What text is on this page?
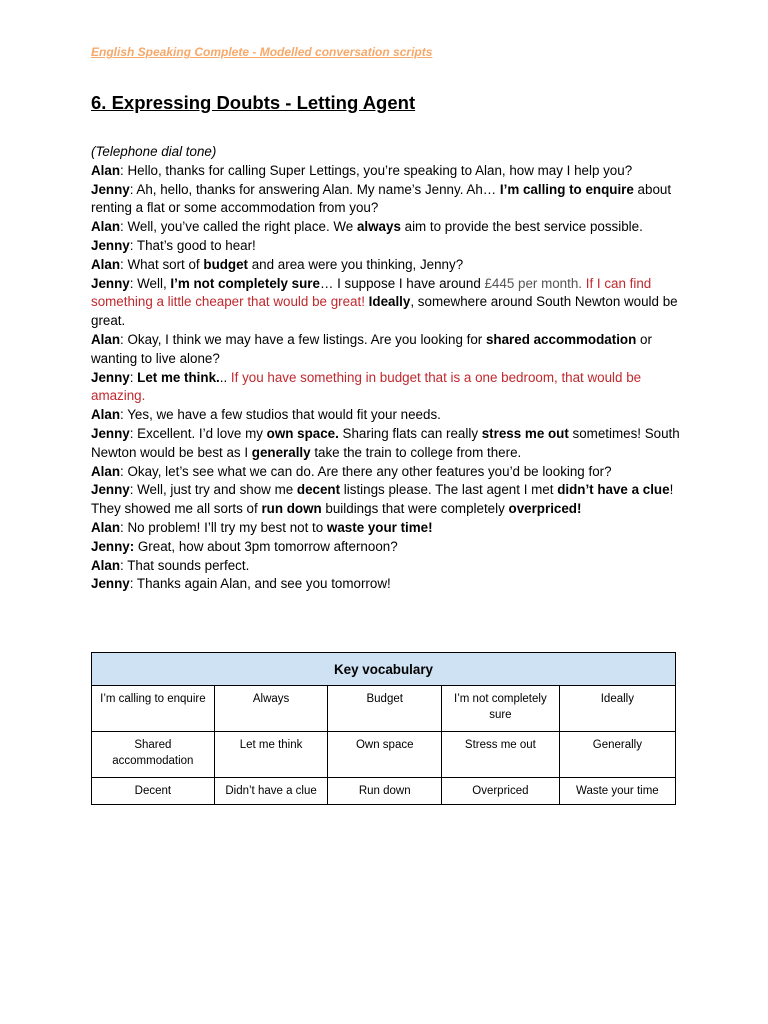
English Speaking Complete - Modelled conversation scripts
6. Expressing Doubts - Letting Agent

(Telephone dial tone)

Alan: Hello, thanks for calling Super Lettings, you’re speaking to Alan, how may I help you?

Jenny: Ah, hello, thanks for answering Alan. My name’s Jenny. Ah… I’m calling to enquire about renting a flat or some accommodation from you?

Alan: Well, you’ve called the right place. We always aim to provide the best service possible.

Jenny: That’s good to hear!

Alan: What sort of budget and area were you thinking, Jenny?

Jenny: Well, I’m not completely sure… I suppose I have around £445 per month. If I can find something a little cheaper that would be great! Ideally, somewhere around South Newton would be great.

Alan: Okay, I think we may have a few listings. Are you looking for shared accommodation or wanting to live alone?

Jenny: Let me think... If you have something in budget that is a one bedroom, that would be amazing.

Alan: Yes, we have a few studios that would fit your needs.

Jenny: Excellent. I’d love my own space. Sharing flats can really stress me out sometimes! South Newton would be best as I generally take the train to college from there.

Alan: Okay, let’s see what we can do. Are there any other features you’d be looking for?

Jenny: Well, just try and show me decent listings please. The last agent I met didn’t have a clue! They showed me all sorts of run down buildings that were completely overpriced!

Alan: No problem! I’ll try my best not to waste your time!

Jenny: Great, how about 3pm tomorrow afternoon?

Alan: That sounds perfect.

Jenny: Thanks again Alan, and see you tomorrow!

Key vocabulary				
I’m calling to enquire	Always	Budget	I’m not completely sure	Ideally
Shared accommodation	Let me think	Own space	Stress me out	Generally
Decent	Didn’t have a clue	Run down	Overpriced	Waste your time
